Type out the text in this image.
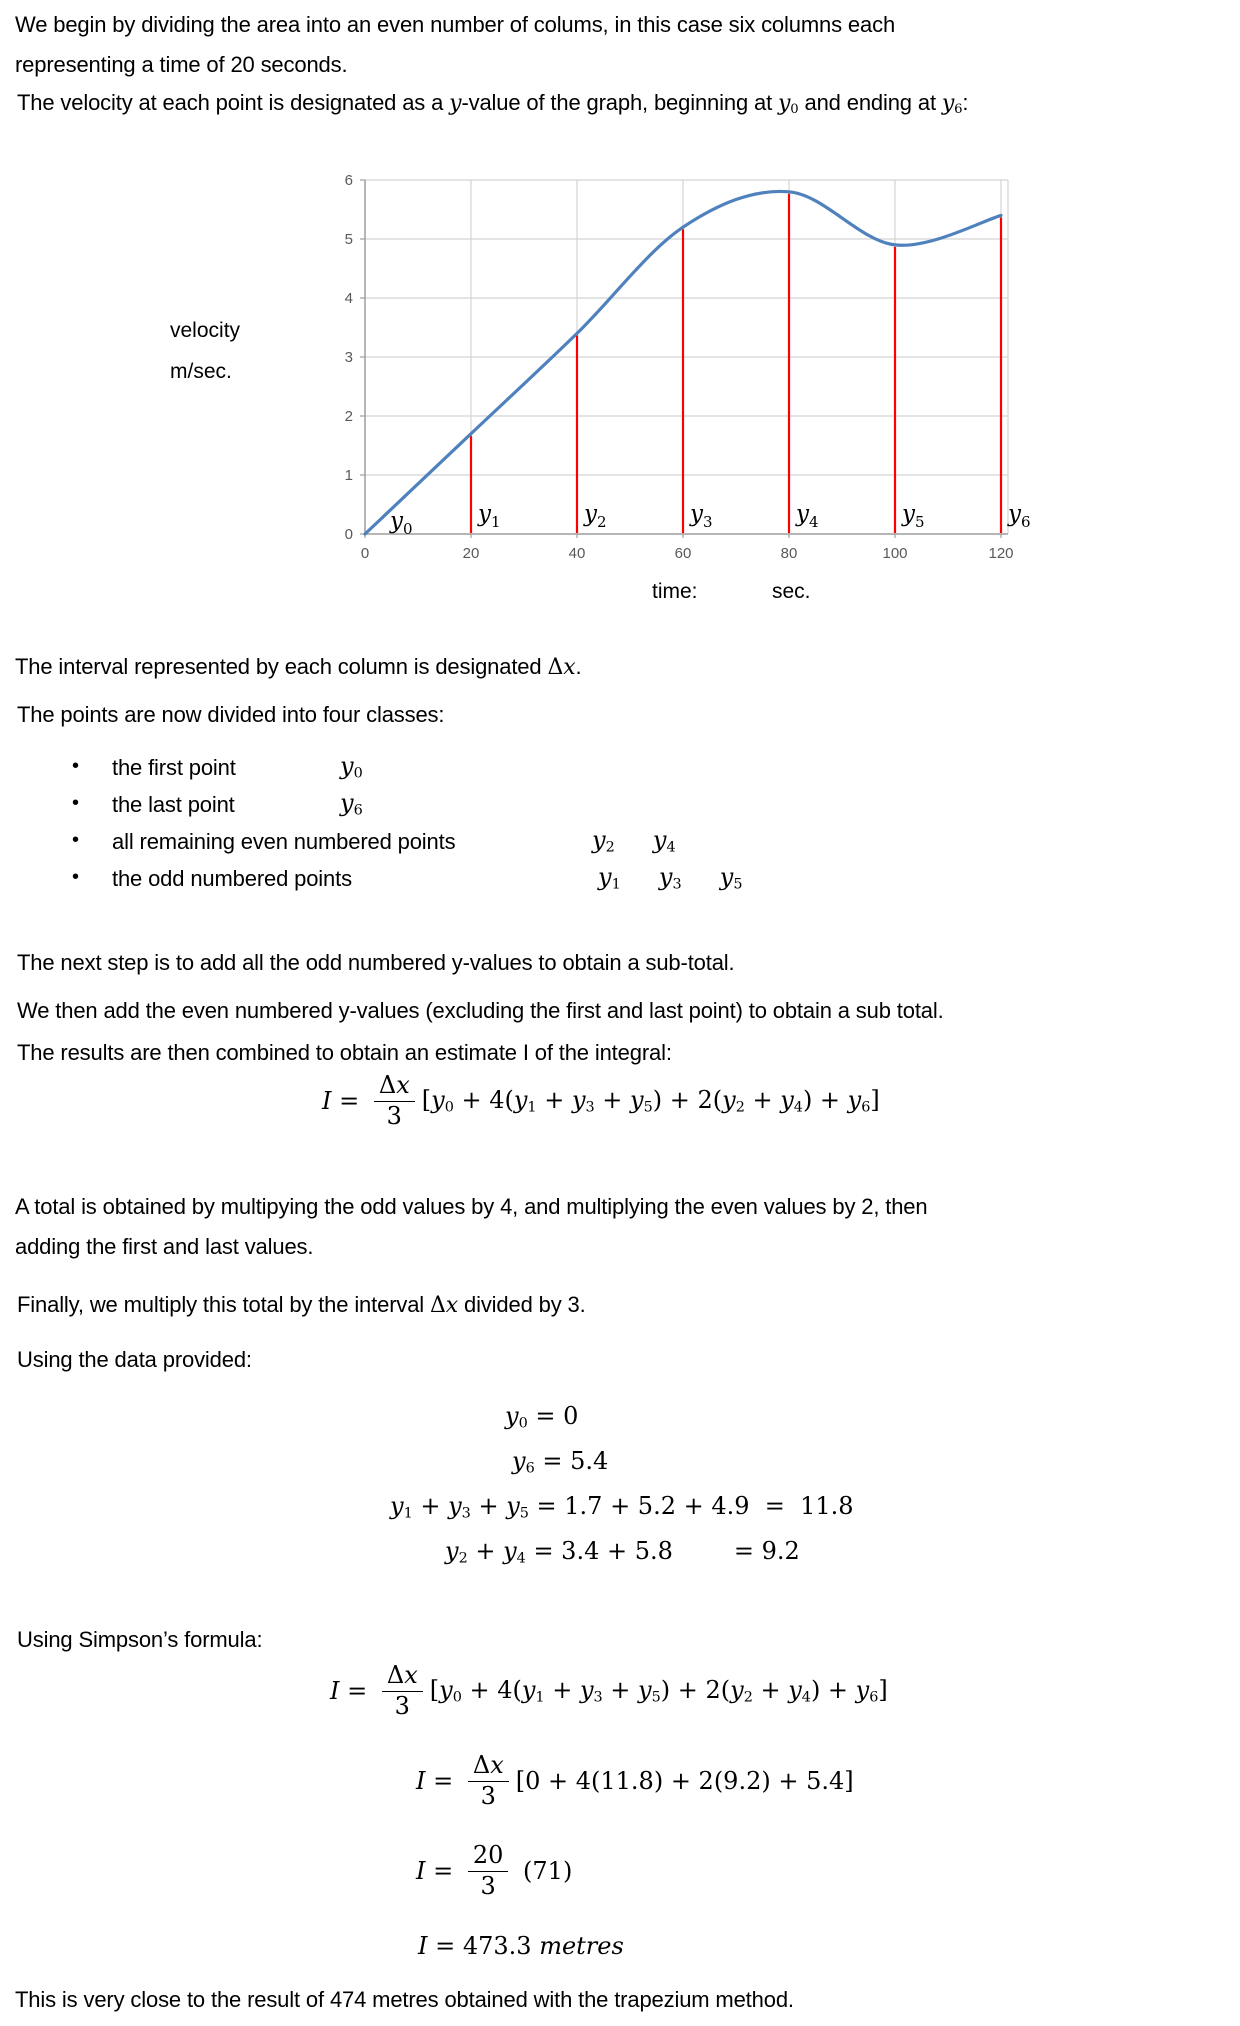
We begin by dividing the area into an even number of colums, in this case six columns each
representing a time of 20 seconds.
The velocity at each point is designated as a y-value of the graph, beginning at y0 and ending at y6:
0
1
2
3
4
5
6
0	20	40	60	80	100	120
$y_0$
$y_1$	$y_2$	$y_3$	$y_4$	$y_5$	$y_6$
velocity
m/sec.
time:	sec.
The interval represented by each column is designated Δx.
The points are now divided into four classes:
• the first point	y0
• the last point	y6
• all remaining even numbered points	y2 y4
• the odd numbered points	y1 y3 y5
The next step is to add all the odd numbered y-values to obtain a sub-total.
We then add the even numbered y-values (excluding the first and last point) to obtain a sub total.
The results are then combined to obtain an estimate I of the integral:
$I = \frac{\Delta x}{3} [y0 + 4(y1 + y3 + y5) + 2(y2 + y4) + y6]$
A total is obtained by multipying the odd values by 4, and multiplying the even values by 2, then
adding the first and last values.
Finally, we multiply this total by the interval Δx divided by 3.
Using the data provided:
y0 = 0
y6 = 5.4
y1 + y3 + y5 = 1.7 + 5.2 + 4.9  =  11.8
y2 + y4 = 3.4 + 5.8        = 9.2
Using Simpson’s formula:
$I = \frac{\Delta x}{3} [y0 + 4(y1 + y3 + y5) + 2(y2 + y4) + y6]$
$I = \frac{\Delta x}{3} [0 + 4(11.8) + 2(9.2) + 5.4]$
$I = \frac{20}{3} (71)$
I = 473.3 metres
This is very close to the result of 474 metres obtained with the trapezium method.
